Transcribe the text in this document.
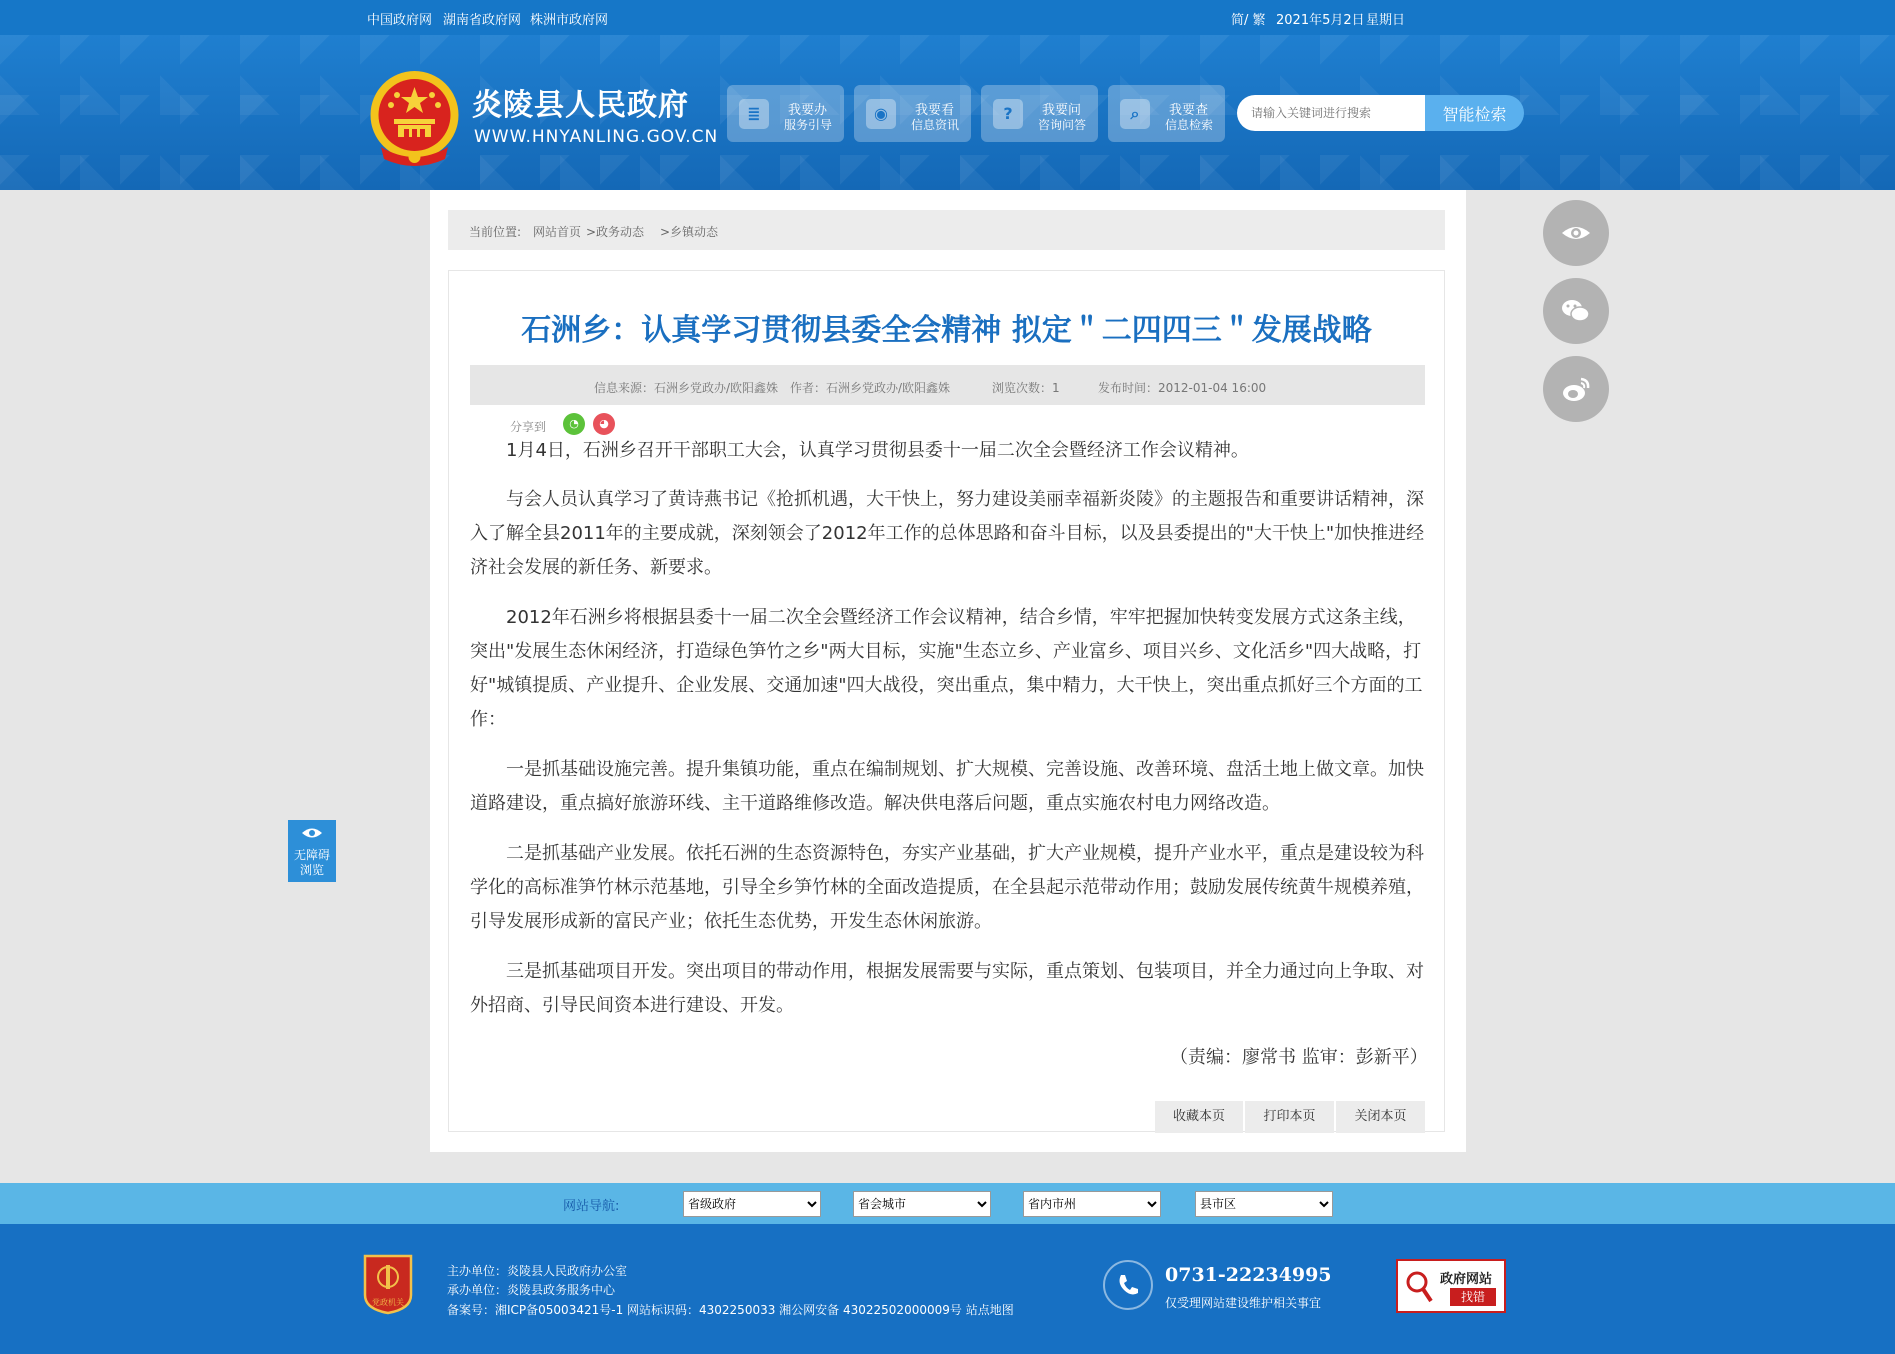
中国政府网 湖南省政府网 株洲市政府网	简/ 繁 2021年5月2日 星期日
炎陵县人民政府
WWW.HNYANLING.GOV.CN
≣	我要办
服务引导
◉	我要看
信息资讯
?	我要问
咨询问答
⌕	我要查
信息检索
请输入关键词进行搜索
智能检索
当前位置: 网站首页 >政务动态 >乡镇动态
石洲乡：认真学习贯彻县委全会精神 拟定＂二四四三＂发展战略
信息来源：石洲乡党政办/欧阳鑫姝 作者：石洲乡党政办/欧阳鑫姝	浏览次数：1	发布时间：2012-01-04 16:00
分享到	◔	◕

1月4日，石洲乡召开干部职工大会，认真学习贯彻县委十一届二次全会暨经济工作会议精神。

与会人员认真学习了黄诗燕书记《抢抓机遇，大干快上，努力建设美丽幸福新炎陵》的主题报告和重要讲话精神，深入了解全县2011年的主要成就，深刻领会了2012年工作的总体思路和奋斗目标，以及县委提出的"大干快上"加快推进经济社会发展的新任务、新要求。

2012年石洲乡将根据县委十一届二次全会暨经济工作会议精神，结合乡情，牢牢把握加快转变发展方式这条主线，突出"发展生态休闲经济，打造绿色笋竹之乡"两大目标，实施"生态立乡、产业富乡、项目兴乡、文化活乡"四大战略，打好"城镇提质、产业提升、企业发展、交通加速"四大战役，突出重点，集中精力，大干快上，突出重点抓好三个方面的工作：

一是抓基础设施完善。提升集镇功能，重点在编制规划、扩大规模、完善设施、改善环境、盘活土地上做文章。加快道路建设，重点搞好旅游环线、主干道路维修改造。解决供电落后问题，重点实施农村电力网络改造。

二是抓基础产业发展。依托石洲的生态资源特色，夯实产业基础，扩大产业规模，提升产业水平，重点是建设较为科学化的高标准笋竹林示范基地，引导全乡笋竹林的全面改造提质，在全县起示范带动作用；鼓励发展传统黄牛规模养殖，引导发展形成新的富民产业；依托生态优势，开发生态休闲旅游。

三是抓基础项目开发。突出项目的带动作用，根据发展需要与实际，重点策划、包装项目，并全力通过向上争取、对外招商、引导民间资本进行建设、开发。

（责编：廖常书 监审：彭新平）
收藏本页	打印本页	关闭本页
无障碍
浏览
网站导航:
省级政府
省会城市
省内市州
县市区
党政机关
主办单位：炎陵县人民政府办公室
承办单位：炎陵县政务服务中心
备案号：湘ICP备05003421号-1 网站标识码：4302250033 湘公网安备 43022502000009号 站点地图
0731-22234995
仅受理网站建设维护相关事宜
政府网站
找错
